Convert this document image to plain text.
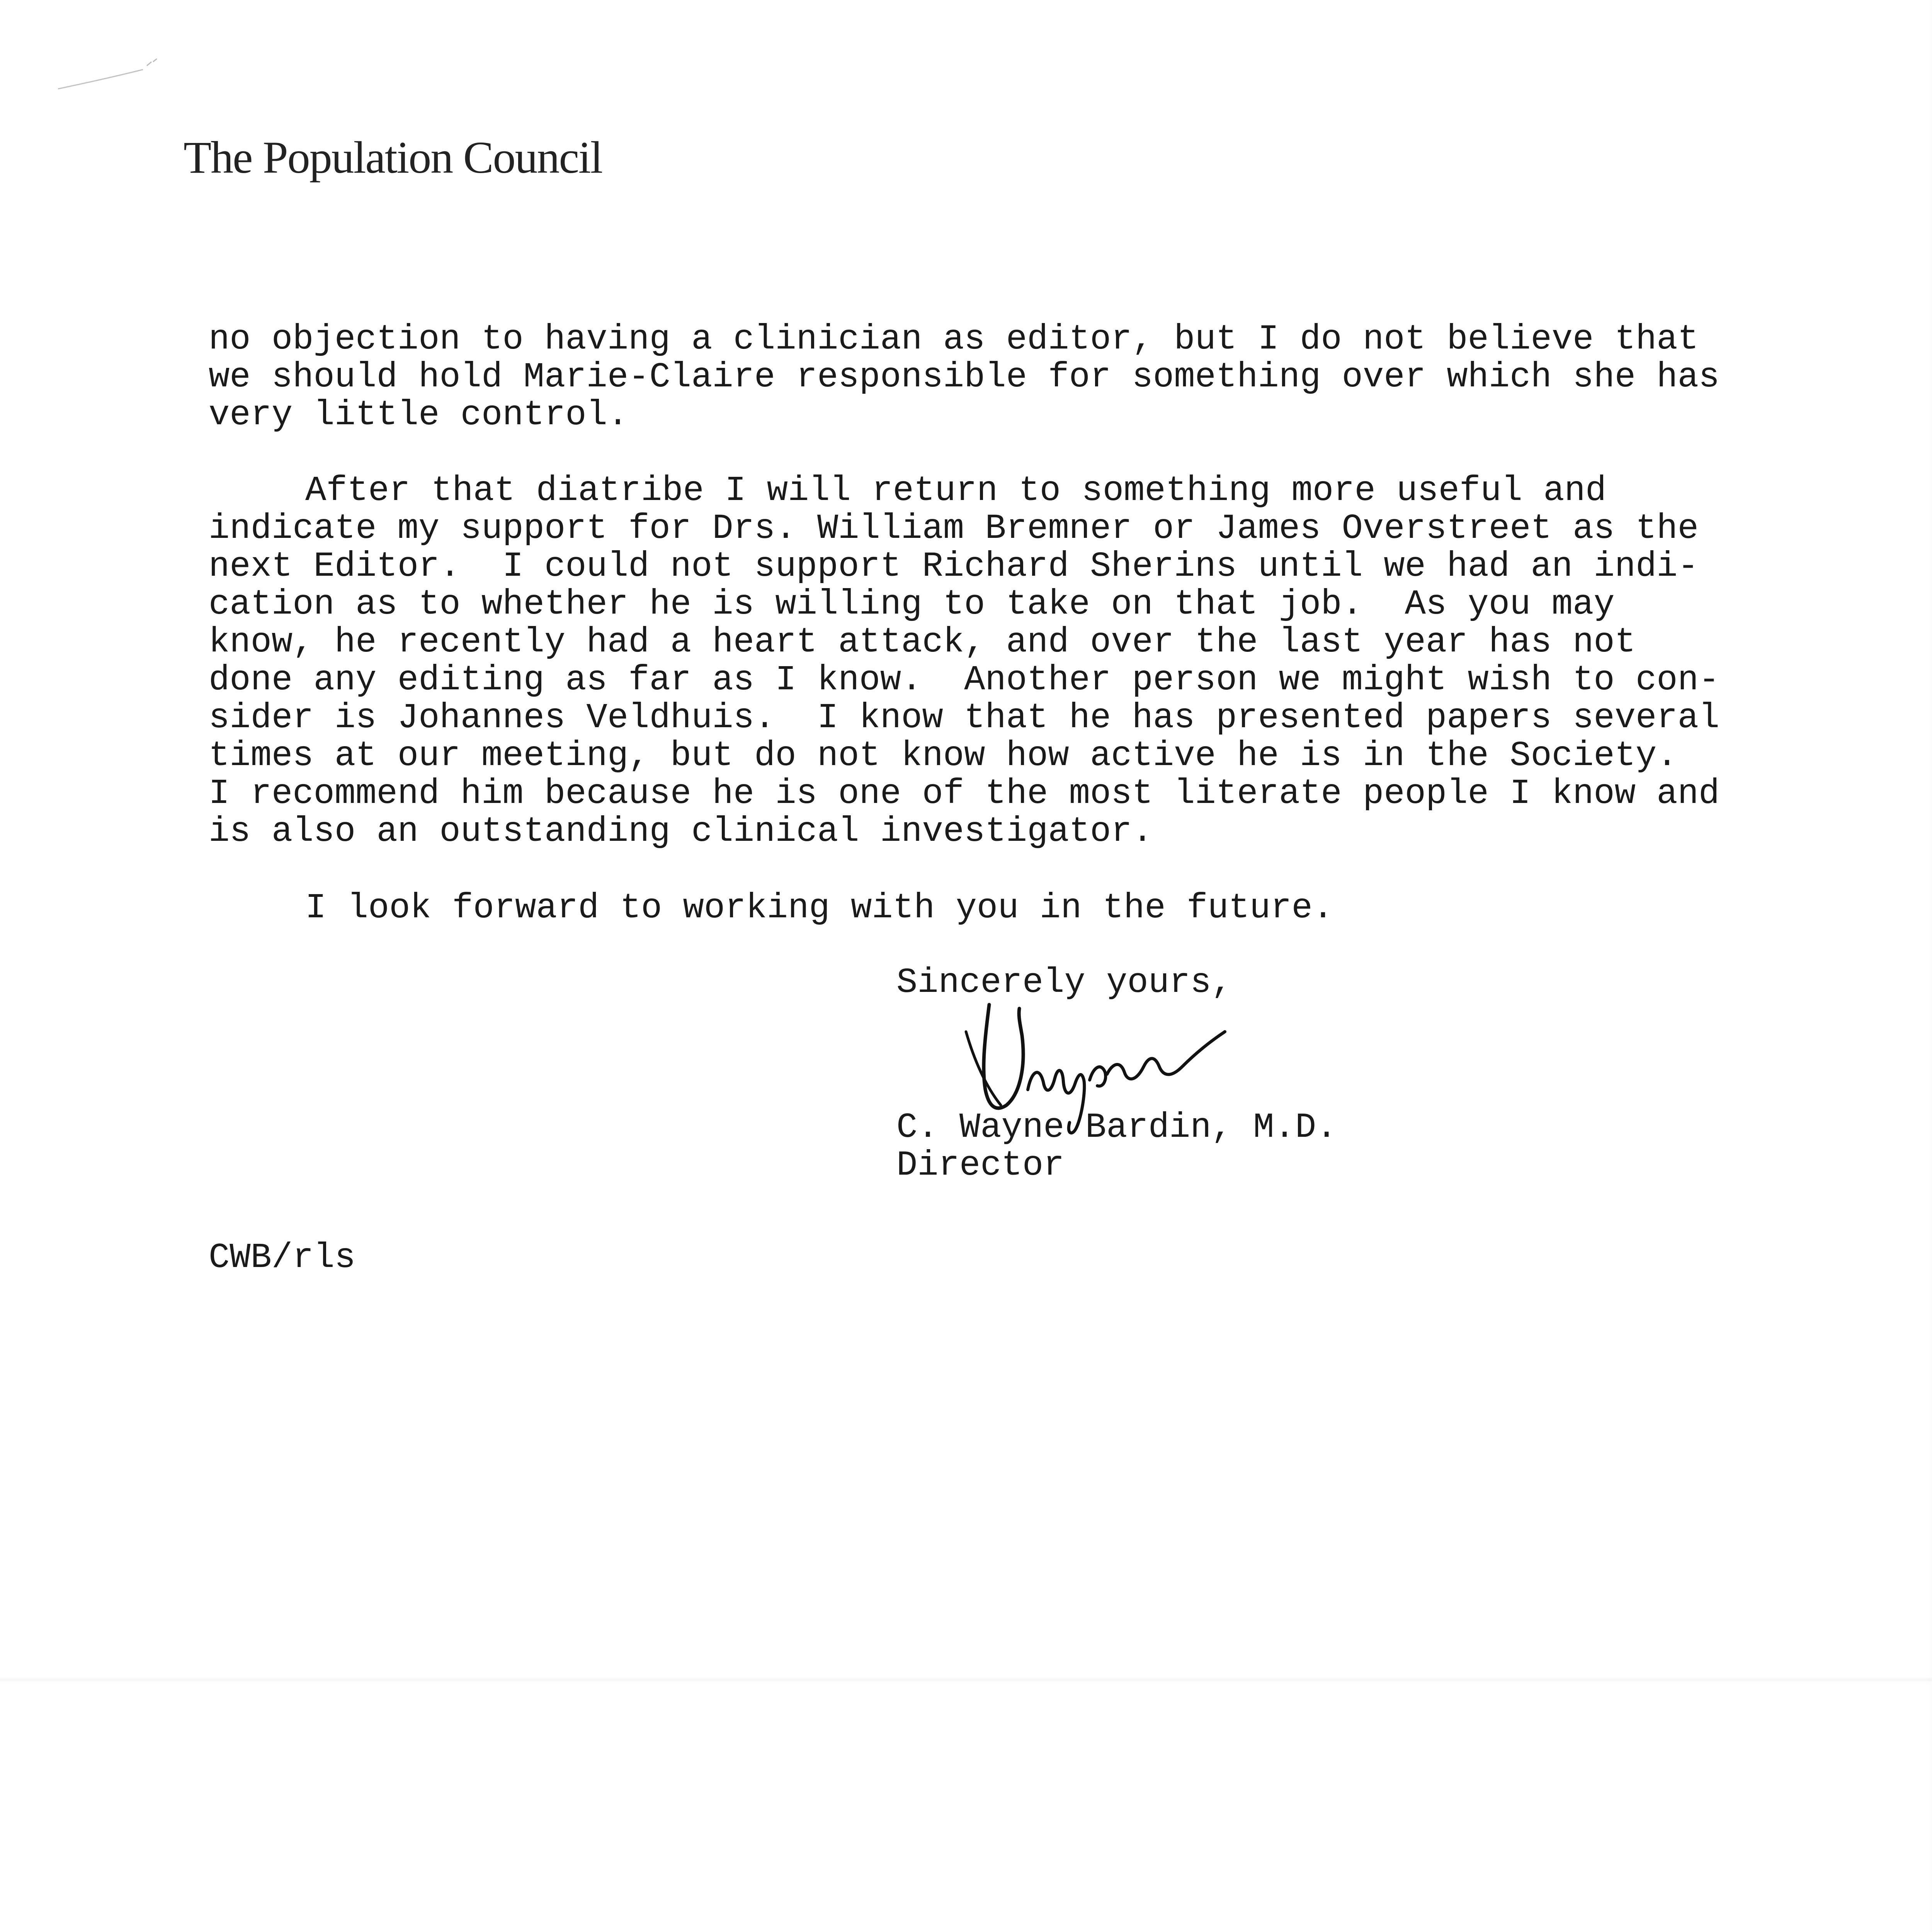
The Population Council
no objection to having a clinician as editor, but I do not believe that
we should hold Marie-Claire responsible for something over which she has
very little control.
After that diatribe I will return to something more useful and
indicate my support for Drs. William Bremner or James Overstreet as the
next Editor.  I could not support Richard Sherins until we had an indi-
cation as to whether he is willing to take on that job.  As you may
know, he recently had a heart attack, and over the last year has not
done any editing as far as I know.  Another person we might wish to con-
sider is Johannes Veldhuis.  I know that he has presented papers several
times at our meeting, but do not know how active he is in the Society.
I recommend him because he is one of the most literate people I know and
is also an outstanding clinical investigator.
I look forward to working with you in the future.
Sincerely yours,
C. Wayne Bardin, M.D.
Director
CWB/rls
